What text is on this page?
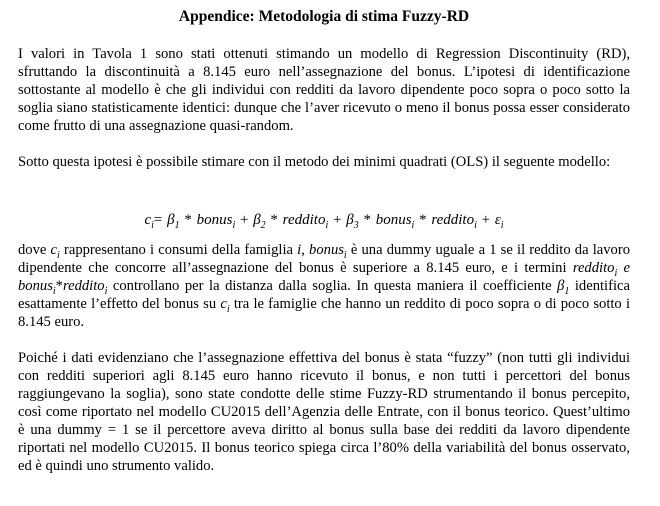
Appendice: Metodologia di stima Fuzzy-RD

I valori in Tavola 1 sono stati ottenuti stimando un modello di Regression Discontinuity (RD), sfruttando la discontinuità a 8.145 euro nell’assegnazione del bonus. L’ipotesi di identificazione sottostante al modello è che gli individui con redditi da lavoro dipendente poco sopra o poco sotto la soglia siano statisticamente identici: dunque che l’aver ricevuto o meno il bonus possa esser considerato come frutto di una assegnazione quasi-random.

Sotto questa ipotesi è possibile stimare con il metodo dei minimi quadrati (OLS) il seguente modello:

$c_i= \beta_1$ * bonus$_i$ + $\beta_2$ * reddito$_i$ + $\beta_3$ * bonus$_i$ * reddito$_i$ + $\varepsilon_i$

dove $c_i$ rappresentano i consumi della famiglia i, bonus$_i$ è una dummy uguale a 1 se il reddito da lavoro dipendente che concorre all’assegnazione del bonus è superiore a 8.145 euro, e i termini reddito$_i$ e bonus$_i$*reddito$_i$ controllano per la distanza dalla soglia. In questa maniera il coefficiente $\beta_1$ identifica esattamente l’effetto del bonus su $c_i$ tra le famiglie che hanno un reddito di poco sopra o di poco sotto i 8.145 euro.

Poiché i dati evidenziano che l’assegnazione effettiva del bonus è stata “fuzzy” (non tutti gli individui con redditi superiori agli 8.145 euro hanno ricevuto il bonus, e non tutti i percettori del bonus raggiungevano la soglia), sono state condotte delle stime Fuzzy-RD strumentando il bonus percepito, così come riportato nel modello CU2015 dell’Agenzia delle Entrate, con il bonus teorico. Quest’ultimo è una dummy = 1 se il percettore aveva diritto al bonus sulla base dei redditi da lavoro dipendente riportati nel modello CU2015. Il bonus teorico spiega circa l’80% della variabilità del bonus osservato, ed è quindi uno strumento valido.
